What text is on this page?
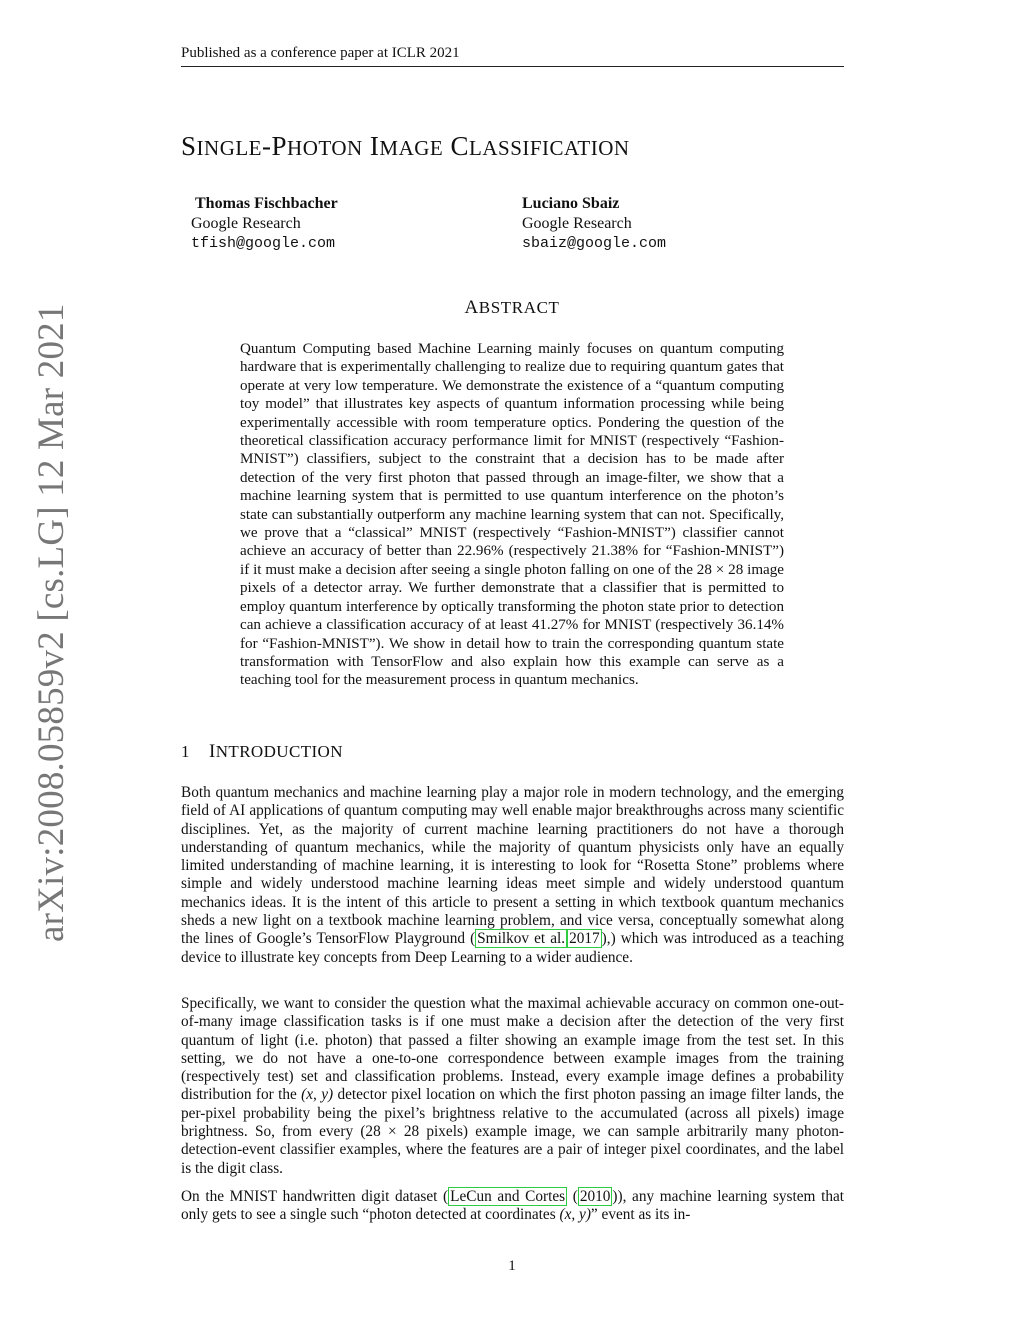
Published as a conference paper at ICLR 2021
SINGLE-PHOTON IMAGE CLASSIFICATION
Thomas Fischbacher
Google Research
tfish@google.com
Luciano Sbaiz
Google Research
sbaiz@google.com
ABSTRACT
Quantum Computing based Machine Learning mainly focuses on quantum computing hardware that is experimentally challenging to realize due to requiring quantum gates that operate at very low temperature. We demonstrate the existence of a “quantum computing toy model” that illustrates key aspects of quantum information processing while being experimentally accessible with room temperature optics. Pondering the question of the theoretical classification accuracy performance limit for MNIST (respectively “Fashion-MNIST”) classifiers, subject to the constraint that a decision has to be made after detection of the very first photon that passed through an image-filter, we show that a machine learning system that is permitted to use quantum interference on the photon’s state can substantially outperform any machine learning system that can not. Specifically, we prove that a “classical” MNIST (respectively “Fashion-MNIST”) classifier cannot achieve an accuracy of better than 22.96% (respectively 21.38% for “Fashion-MNIST”) if it must make a decision after seeing a single photon falling on one of the 28 × 28 image pixels of a detector array. We further demonstrate that a classifier that is permitted to employ quantum interference by optically transforming the photon state prior to detection can achieve a classification accuracy of at least 41.27% for MNIST (respectively 36.14% for “Fashion-MNIST”). We show in detail how to train the corresponding quantum state transformation with TensorFlow and also explain how this example can serve as a teaching tool for the measurement process in quantum mechanics.
arXiv:2008.05859v2 [cs.LG] 12 Mar 2021	1 INTRODUCTION
Both quantum mechanics and machine learning play a major role in modern technology, and the emerging field of AI applications of quantum computing may well enable major breakthroughs across many scientific disciplines. Yet, as the majority of current machine learning practitioners do not have a thorough understanding of quantum mechanics, while the majority of quantum physicists only have an equally limited understanding of machine learning, it is interesting to look for “Rosetta Stone” problems where simple and widely understood machine learning ideas meet simple and widely understood quantum mechanics ideas. It is the intent of this article to present a setting in which textbook quantum mechanics sheds a new light on a textbook machine learning problem, and vice versa, conceptually somewhat along the lines of Google’s TensorFlow Playground ( Smilkov et al. 2017 ),) which was introduced as a teaching device to illustrate key concepts from Deep Learning to a wider audience.
Specifically, we want to consider the question what the maximal achievable accuracy on common one-out-of-many image classification tasks is if one must make a decision after the detection of the very first quantum of light (i.e. photon) that passed a filter showing an example image from the test set. In this setting, we do not have a one-to-one correspondence between example images from the training (respectively test) set and classification problems. Instead, every example image defines a probability distribution for the (x, y) detector pixel location on which the first photon passing an image filter lands, the per-pixel probability being the pixel’s brightness relative to the accumulated (across all pixels) image brightness. So, from every (28 × 28 pixels) example image, we can sample arbitrarily many photon-detection-event classifier examples, where the features are a pair of integer pixel coordinates, and the label is the digit class.
On the MNIST handwritten digit dataset ( LeCun and Cortes ( 2010 )), any machine learning system that only gets to see a single such “photon detected at coordinates (x, y)” event as its in-
1
